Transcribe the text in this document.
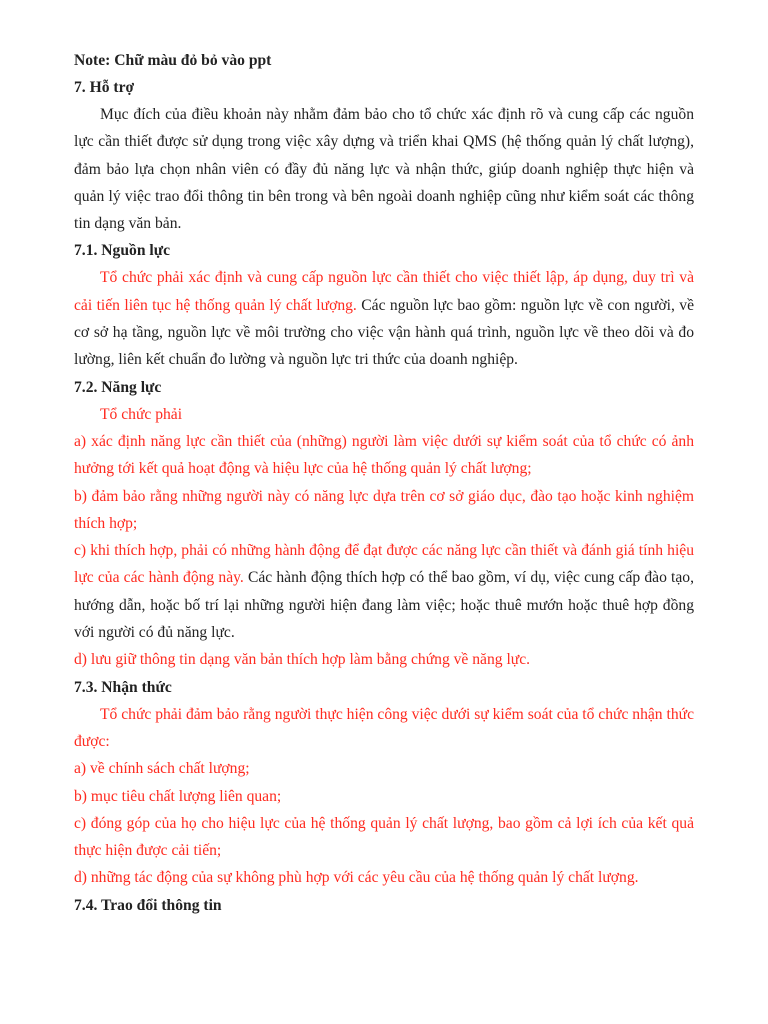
Note: Chữ màu đỏ bỏ vào ppt
7. Hỗ trợ
Mục đích của điều khoản này nhằm đảm bảo cho tổ chức xác định rõ và cung cấp các nguồn lực cần thiết được sử dụng trong việc xây dựng và triển khai QMS (hệ thống quản lý chất lượng), đảm bảo lựa chọn nhân viên có đầy đủ năng lực và nhận thức, giúp doanh nghiệp thực hiện và quản lý việc trao đổi thông tin bên trong và bên ngoài doanh nghiệp cũng như kiểm soát các thông tin dạng văn bản.
7.1. Nguồn lực
Tổ chức phải xác định và cung cấp nguồn lực cần thiết cho việc thiết lập, áp dụng, duy trì và cải tiến liên tục hệ thống quản lý chất lượng. Các nguồn lực bao gồm: nguồn lực về con người, về cơ sở hạ tầng, nguồn lực về môi trường cho việc vận hành quá trình, nguồn lực về theo dõi và đo lường, liên kết chuẩn đo lường và nguồn lực tri thức của doanh nghiệp.
7.2. Năng lực
Tổ chức phải
a) xác định năng lực cần thiết của (những) người làm việc dưới sự kiểm soát của tổ chức có ảnh hưởng tới kết quả hoạt động và hiệu lực của hệ thống quản lý chất lượng;
b) đảm bảo rằng những người này có năng lực dựa trên cơ sở giáo dục, đào tạo hoặc kinh nghiệm thích hợp;
c) khi thích hợp, phải có những hành động để đạt được các năng lực cần thiết và đánh giá tính hiệu lực của các hành động này. Các hành động thích hợp có thể bao gồm, ví dụ, việc cung cấp đào tạo, hướng dẫn, hoặc bố trí lại những người hiện đang làm việc; hoặc thuê mướn hoặc thuê hợp đồng với người có đủ năng lực.
d) lưu giữ thông tin dạng văn bản thích hợp làm bằng chứng về năng lực.
7.3. Nhận thức
Tổ chức phải đảm bảo rằng người thực hiện công việc dưới sự kiểm soát của tổ chức nhận thức được:
a) về chính sách chất lượng;
b) mục tiêu chất lượng liên quan;
c) đóng góp của họ cho hiệu lực của hệ thống quản lý chất lượng, bao gồm cả lợi ích của kết quả thực hiện được cải tiến;
d) những tác động của sự không phù hợp với các yêu cầu của hệ thống quản lý chất lượng.
7.4. Trao đổi thông tin
